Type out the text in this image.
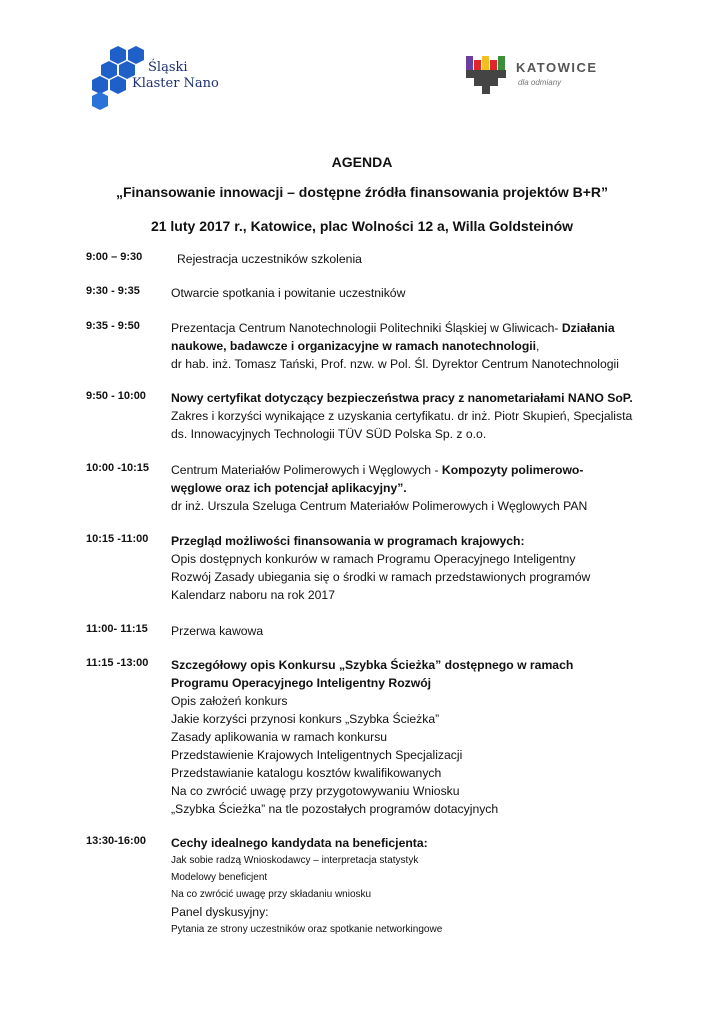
Śląski
Klaster Nano
KATOWICE
dla odmiany
AGENDA
„Finansowanie innowacji – dostępne źródła finansowania projektów B+R”
21 luty 2017 r., Katowice, plac Wolności 12 a, Willa Goldsteinów
9:00 – 9:30	Rejestracja uczestników szkolenia
9:30 - 9:35	Otwarcie spotkania i powitanie uczestników
9:35 - 9:50	Prezentacja Centrum Nanotechnologii Politechniki Śląskiej w Gliwicach- Działania
naukowe, badawcze i organizacyjne w ramach nanotechnologii,
dr hab. inż. Tomasz Tański, Prof. nzw. w Pol. Śl. Dyrektor Centrum Nanotechnologii
9:50 - 10:00 Nowy certyfikat dotyczący bezpieczeństwa pracy z nanometariałami NANO SoP.
Zakres i korzyści wynikające z uzyskania certyfikatu. dr inż. Piotr Skupień, Specjalista
ds. Innowacyjnych Technologii TÜV SÜD Polska Sp. z o.o.
10:00 -10:15 Centrum Materiałów Polimerowych i Węglowych - Kompozyty polimerowo-
węglowe oraz ich potencjał aplikacyjny”.
dr inż. Urszula Szeluga Centrum Materiałów Polimerowych i Węglowych PAN
10:15 -11:00 Przegląd możliwości finansowania w programach krajowych:
Opis dostępnych konkurów w ramach Programu Operacyjnego Inteligentny
Rozwój Zasady ubiegania się o środki w ramach przedstawionych programów
Kalendarz naboru na rok 2017
11:00- 11:15 Przerwa kawowa
11:15 -13:00 Szczegółowy opis Konkursu „Szybka Ścieżka” dostępnego w ramach
Programu Operacyjnego Inteligentny Rozwój
Opis założeń konkurs
Jakie korzyści przynosi konkurs „Szybka Ścieżka”
Zasady aplikowania w ramach konkursu
Przedstawienie Krajowych Inteligentnych Specjalizacji
Przedstawianie katalogu kosztów kwalifikowanych
Na co zwrócić uwagę przy przygotowywaniu Wniosku
„Szybka Ścieżka” na tle pozostałych programów dotacyjnych
13:30-16:00 Cechy idealnego kandydata na beneficjenta:
Jak sobie radzą Wnioskodawcy – interpretacja statystyk
Modelowy beneficjent
Na co zwrócić uwagę przy składaniu wniosku
Panel dyskusyjny:
Pytania ze strony uczestników oraz spotkanie networkingowe
